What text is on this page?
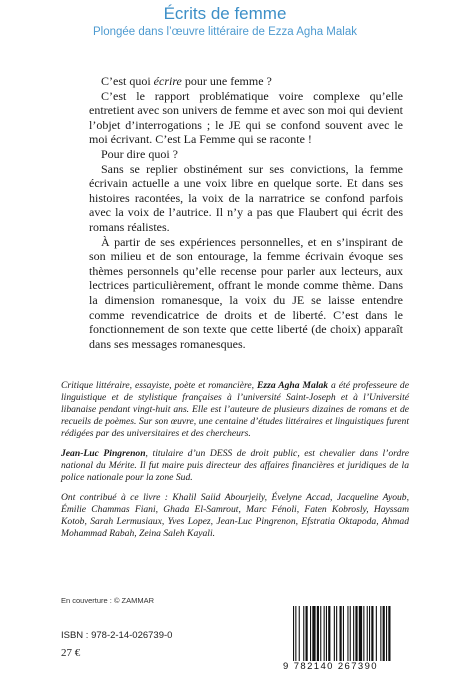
Écrits de femme
Plongée dans l’œuvre littéraire de Ezza Agha Malak

C’est quoi écrire pour une femme ?

C’est le rapport problématique voire complexe qu’elle entretient avec son univers de femme et avec son moi qui devient l’objet d’interrogations ; le JE qui se confond souvent avec le moi écrivant. C’est La Femme qui se raconte !

Pour dire quoi ?

Sans se replier obstinément sur ses convictions, la femme écrivain actuelle a une voix libre en quelque sorte. Et dans ses histoires racontées, la voix de la narratrice se confond parfois avec la voix de l’autrice. Il n’y a pas que Flaubert qui écrit des romans réalistes.

À partir de ses expériences personnelles, et en s’inspirant de son milieu et de son entourage, la femme écrivain évoque ses thèmes personnels qu’elle recense pour parler aux lecteurs, aux lectrices particulièrement, offrant le monde comme thème. Dans la dimension romanesque, la voix du JE se laisse entendre comme revendicatrice de droits et de liberté. C’est dans le fonctionnement de son texte que cette liberté (de choix) apparaît dans ses messages romanesques.

Critique littéraire, essayiste, poète et romancière, Ezza Agha Malak a été professeure de linguistique et de stylistique françaises à l’université Saint-Joseph et à l’Université libanaise pendant vingt-huit ans. Elle est l’auteure de plusieurs dizaines de romans et de recueils de poèmes. Sur son œuvre, une centaine d’études littéraires et linguistiques furent rédigées par des universitaires et des chercheurs.

Jean-Luc Pingrenon, titulaire d’un DESS de droit public, est chevalier dans l’ordre national du Mérite. Il fut maire puis directeur des affaires financières et juridiques de la police nationale pour la zone Sud.

Ont contribué à ce livre : Khalil Saiid Abourjeily, Évelyne Accad, Jacqueline Ayoub, Émilie Chammas Fiani, Ghada El-Samrout, Marc Fénoli, Faten Kobrosly, Hayssam Kotob, Sarah Lermusiaux, Yves Lopez, Jean-Luc Pingrenon, Efstratia Oktapoda, Ahmad Mohammad Rabah, Zeina Saleh Kayali.

En couverture : © ZAMMAR
ISBN : 978-2-14-026739-0
27 €
9 782140 267390
